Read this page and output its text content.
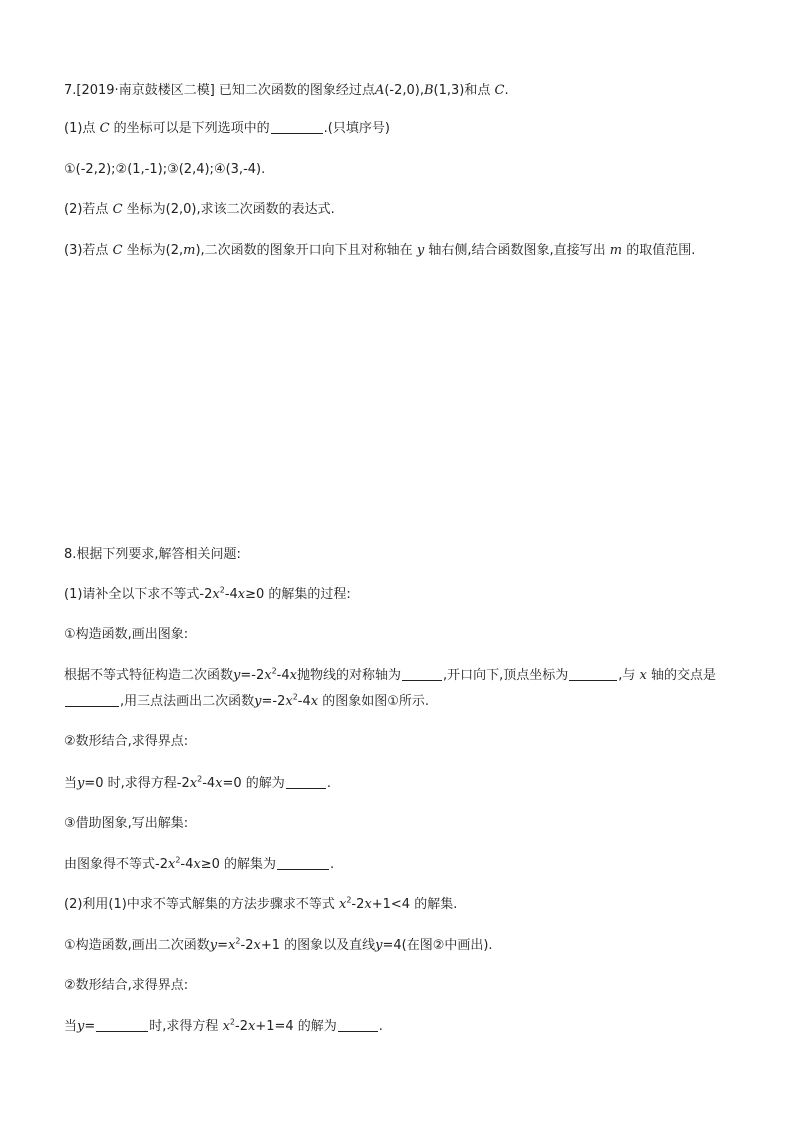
7.[2019·南京鼓楼区二模] 已知二次函数的图象经过点A(-2,0),B(1,3)和点 C.
(1)点 C 的坐标可以是下列选项中的	.(只填序号)
①(-2,2);②(1,-1);③(2,4);④(3,-4).
(2)若点 C 坐标为(2,0),求该二次函数的表达式.
(3)若点 C 坐标为(2,m),二次函数的图象开口向下且对称轴在 y 轴右侧,结合函数图象,直接写出 m 的取值范围.
8.根据下列要求,解答相关问题:
(1)请补全以下求不等式$-2x^2-4x\ge 0$ 的解集的过程:
①构造函数,画出图象:
根据不等式特征构造二次函数$y=-2x^2-4x$抛物线的对称轴为	,开口向下,顶点坐标为	,与 x 轴的交点是
,用三点法画出二次函数$y=-2x^2-4x$ 的图象如图①所示.
②数形结合,求得界点:
当y=0 时,求得方程$-2x^2-4x=0$ 的解为	.
③借助图象,写出解集:
由图象得不等式$-2x^2-4x\ge 0$ 的解集为	.
(2)利用(1)中求不等式解集的方法步骤求不等式 $x^2-2x+1<4$ 的解集.
①构造函数,画出二次函数$y=x^2-2x+1$ 的图象以及直线y=4(在图②中画出).
②数形结合,求得界点:
当y=	时,求得方程 $x^2-2x+1=4$ 的解为	.
